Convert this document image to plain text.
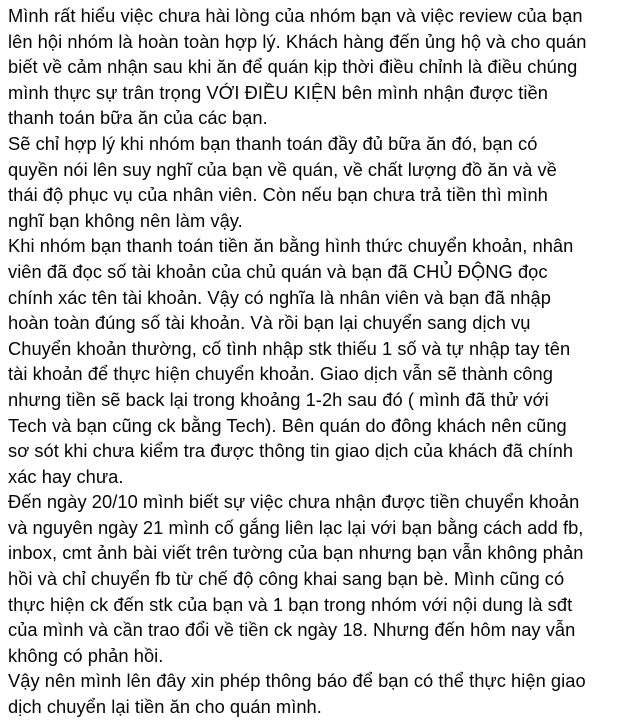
Mình rất hiểu việc chưa hài lòng của nhóm bạn và việc review của bạn
lên hội nhóm là hoàn toàn hợp lý. Khách hàng đến ủng hộ và cho quán
biết về cảm nhận sau khi ăn để quán kịp thời điều chỉnh là điều chúng
mình thực sự trân trọng VỚI ĐIỀU KIỆN bên mình nhận được tiền
thanh toán bữa ăn của các bạn.
Sẽ chỉ hợp lý khi nhóm bạn thanh toán đầy đủ bữa ăn đó, bạn có
quyền nói lên suy nghĩ của bạn về quán, về chất lượng đồ ăn và về
thái độ phục vụ của nhân viên. Còn nếu bạn chưa trả tiền thì mình
nghĩ bạn không nên làm vậy.
Khi nhóm bạn thanh toán tiền ăn bằng hình thức chuyển khoản, nhân
viên đã đọc số tài khoản của chủ quán và bạn đã CHỦ ĐỘNG đọc
chính xác tên tài khoản. Vậy có nghĩa là nhân viên và bạn đã nhập
hoàn toàn đúng số tài khoản. Và rồi bạn lại chuyển sang dịch vụ
Chuyển khoản thường, cố tình nhập stk thiếu 1 số và tự nhập tay tên
tài khoản để thực hiện chuyển khoản. Giao dịch vẫn sẽ thành công
nhưng tiền sẽ back lại trong khoảng 1-2h sau đó ( mình đã thử với
Tech và bạn cũng ck bằng Tech). Bên quán do đông khách nên cũng
sơ sót khi chưa kiểm tra được thông tin giao dịch của khách đã chính
xác hay chưa.
Đến ngày 20/10 mình biết sự việc chưa nhận được tiền chuyển khoản
và nguyên ngày 21 mình cố gắng liên lạc lại với bạn bằng cách add fb,
inbox, cmt ảnh bài viết trên tường của bạn nhưng bạn vẫn không phản
hồi và chỉ chuyển fb từ chế độ công khai sang bạn bè. Mình cũng có
thực hiện ck đến stk của bạn và 1 bạn trong nhóm với nội dung là sđt
của mình và cần trao đổi về tiền ck ngày 18. Nhưng đến hôm nay vẫn
không có phản hồi.
Vậy nên mình lên đây xin phép thông báo để bạn có thể thực hiện giao
dịch chuyển lại tiền ăn cho quán mình.
